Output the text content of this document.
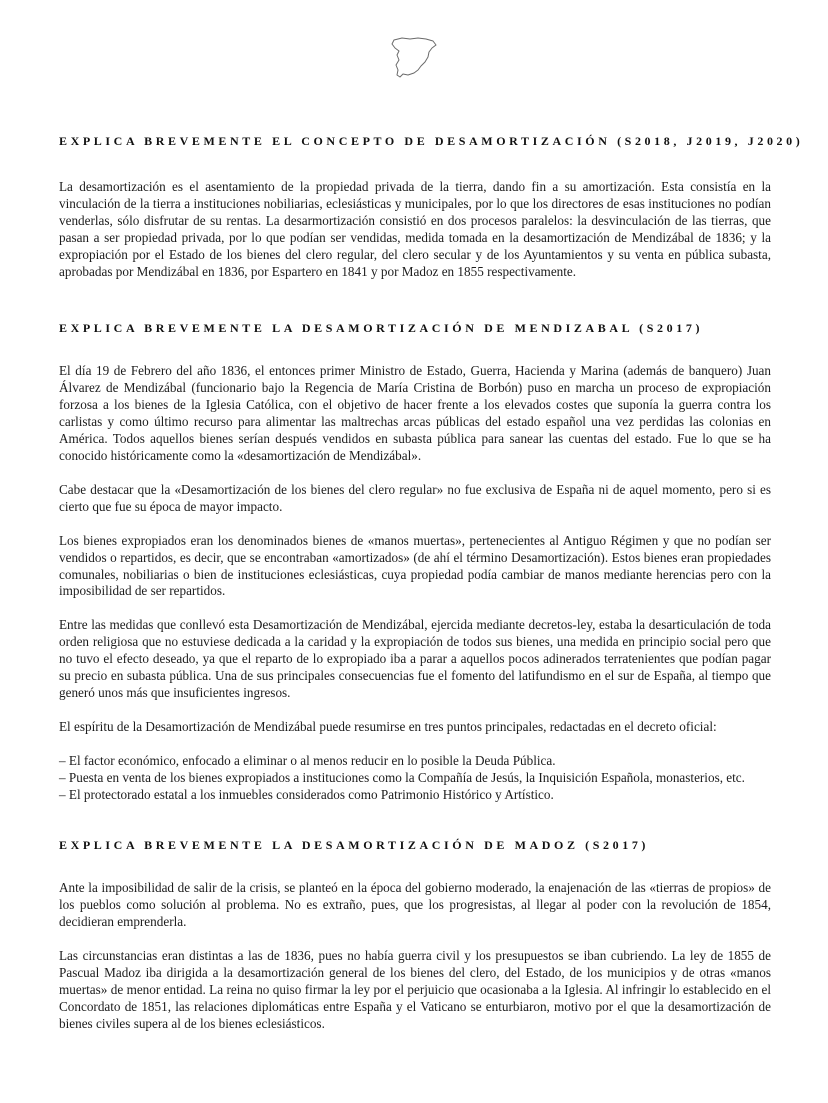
EXPLICA BREVEMENTE EL CONCEPTO DE DESAMORTIZACIÓN (S2018, J2019, J2020)

La desamortización es el asentamiento de la propiedad privada de la tierra, dando fin a su amortización. Esta consistía en la vinculación de la tierra a instituciones nobiliarias, eclesiásticas y municipales, por lo que los directores de esas instituciones no podían venderlas, sólo disfrutar de su rentas. La desarmortización consistió en dos procesos paralelos: la desvinculación de las tierras, que pasan a ser propiedad privada, por lo que podían ser vendidas, medida tomada en la desamortización de Mendizábal de 1836; y la expropiación por el Estado de los bienes del clero regular, del clero secular y de los Ayuntamientos y su venta en pública subasta, aprobadas por Mendizábal en 1836, por Espartero en 1841 y por Madoz en 1855 respectivamente.

EXPLICA BREVEMENTE LA DESAMORTIZACIÓN DE MENDIZABAL (S2017)

El día 19 de Febrero del año 1836, el entonces primer Ministro de Estado, Guerra, Hacienda y Marina (además de banquero) Juan Álvarez de Mendizábal (funcionario bajo la Regencia de María Cristina de Borbón) puso en marcha un proceso de expropiación forzosa a los bienes de la Iglesia Católica, con el objetivo de hacer frente a los elevados costes que suponía la guerra contra los carlistas y como último recurso para alimentar las maltrechas arcas públicas del estado español una vez perdidas las colonias en América. Todos aquellos bienes serían después vendidos en subasta pública para sanear las cuentas del estado. Fue lo que se ha conocido históricamente como la «desamortización de Mendizábal».

Cabe destacar que la «Desamortización de los bienes del clero regular» no fue exclusiva de España ni de aquel momento, pero si es cierto que fue su época de mayor impacto.

Los bienes expropiados eran los denominados bienes de «manos muertas», pertenecientes al Antiguo Régimen y que no podían ser vendidos o repartidos, es decir, que se encontraban «amortizados» (de ahí el término Desamortización). Estos bienes eran propiedades comunales, nobiliarias o bien de instituciones eclesiásticas, cuya propiedad podía cambiar de manos mediante herencias pero con la imposibilidad de ser repartidos.

Entre las medidas que conllevó esta Desamortización de Mendizábal, ejercida mediante decretos-ley, estaba la desarticulación de toda orden religiosa que no estuviese dedicada a la caridad y la expropiación de todos sus bienes, una medida en principio social pero que no tuvo el efecto deseado, ya que el reparto de lo expropiado iba a parar a aquellos pocos adinerados terratenientes que podían pagar su precio en subasta pública. Una de sus principales consecuencias fue el fomento del latifundismo en el sur de España, al tiempo que generó unos más que insuficientes ingresos.

El espíritu de la Desamortización de Mendizábal puede resumirse en tres puntos principales, redactadas en el decreto oficial:

– El factor económico, enfocado a eliminar o al menos reducir en lo posible la Deuda Pública.

– Puesta en venta de los bienes expropiados a instituciones como la Compañía de Jesús, la Inquisición Española, monasterios, etc.

– El protectorado estatal a los inmuebles considerados como Patrimonio Histórico y Artístico.

EXPLICA BREVEMENTE LA DESAMORTIZACIÓN DE MADOZ (S2017)

Ante la imposibilidad de salir de la crisis, se planteó en la época del gobierno moderado, la enajenación de las «tierras de propios» de los pueblos como solución al problema. No es extraño, pues, que los progresistas, al llegar al poder con la revolución de 1854, decidieran emprenderla.

Las circunstancias eran distintas a las de 1836, pues no había guerra civil y los presupuestos se iban cubriendo. La ley de 1855 de Pascual Madoz iba dirigida a la desamortización general de los bienes del clero, del Estado, de los municipios y de otras «manos muertas» de menor entidad. La reina no quiso firmar la ley por el perjuicio que ocasionaba a la Iglesia. Al infringir lo establecido en el Concordato de 1851, las relaciones diplomáticas entre España y el Vaticano se enturbiaron, motivo por el que la desamortización de bienes civiles supera al de los bienes eclesiásticos.
